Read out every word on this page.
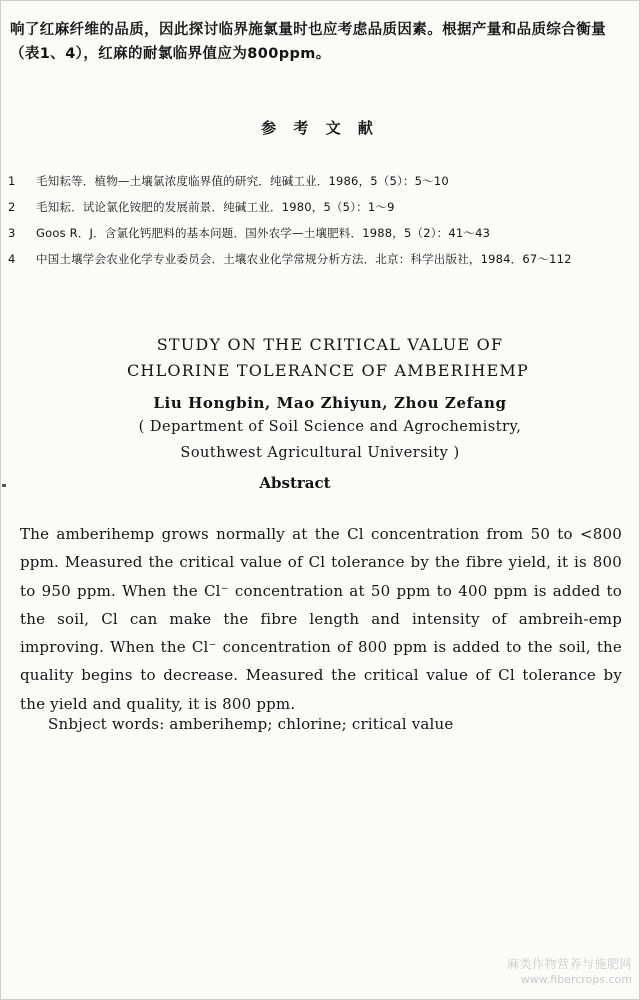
响了红麻纤维的品质，因此探讨临界施氯量时也应考虑品质因素。根据产量和品质综合衡量
（表1、4），红麻的耐氯临界值应为800ppm。
参 考 文 献
1	毛知耘等．植物—土壤氯浓度临界值的研究．纯碱工业．1986，5（5）：5～10
2	毛知耘．试论氯化铵肥的发展前景．纯碱工业．1980，5（5）：1～9
3	Goos R．J．含氯化钙肥料的基本问题．国外农学—土壤肥料．1988，5（2）：41～43
4	中国土壤学会农业化学专业委员会．土壤农业化学常规分析方法．北京：科学出版社，1984．67～112
STUDY ON THE CRITICAL VALUE OF
CHLORINE TOLERANCE OF AMBERIHEMP
Liu Hongbin, Mao Zhiyun, Zhou Zefang
( Department of Soil Science and Agrochemistry,
Southwest Agricultural University )
Abstract

The amberihemp grows normally at the Cl concentration from 50 to <800 ppm. Measured the critical value of Cl tolerance by the fibre yield, it is 800 to 950 ppm. When the Cl⁻ concentration at 50 ppm to 400 ppm is added to the soil, Cl can make the fibre length and intensity of ambreih-emp improving. When the Cl⁻ concentration of 800 ppm is added to the soil, the quality begins to decrease. Measured the critical value of Cl tolerance by the yield and quality, it is 800 ppm.

Snbject words: amberihemp; chlorine; critical value
麻类作物营养与施肥网
www.fibercrops.com
